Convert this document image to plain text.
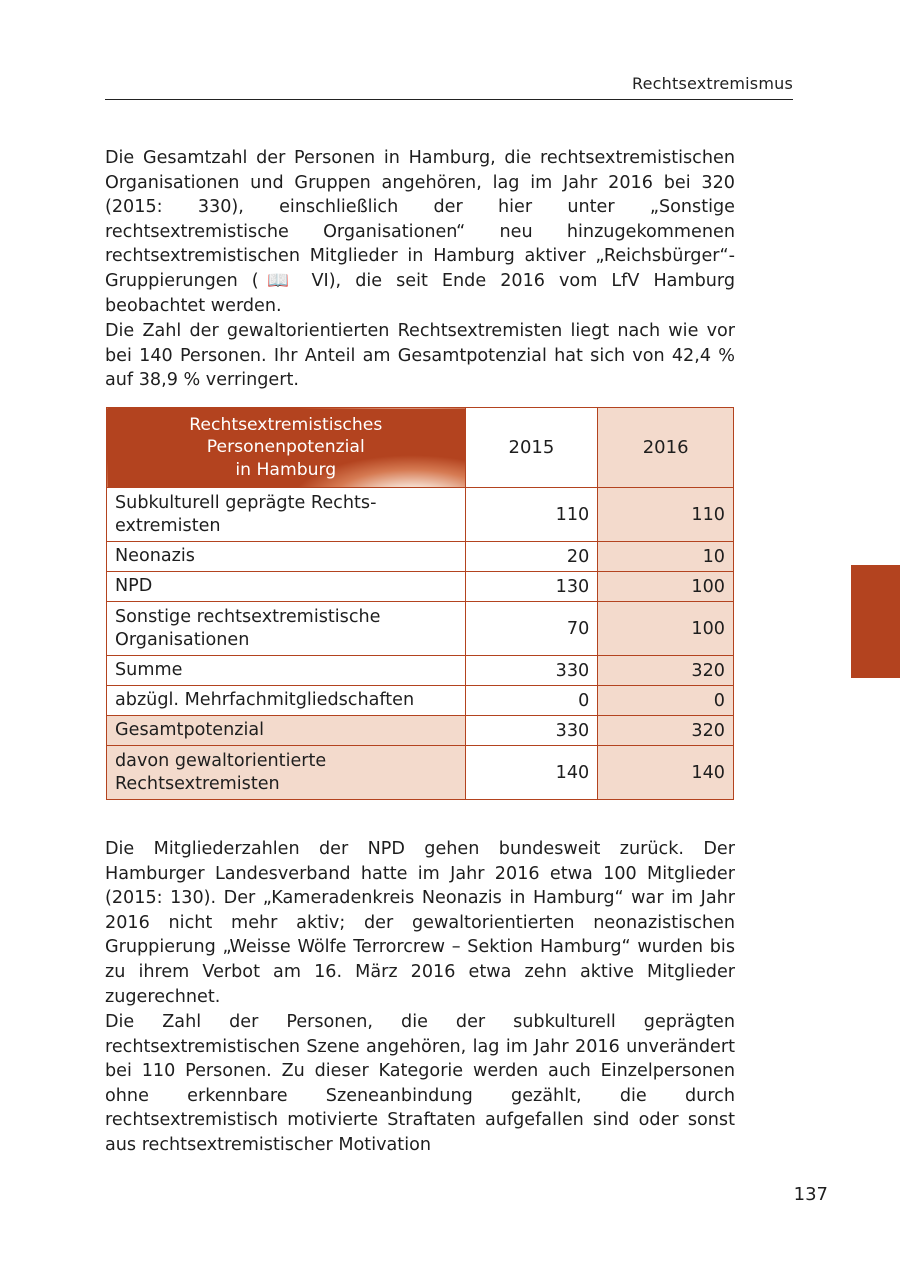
Rechtsextremismus

Die Gesamtzahl der Personen in Hamburg, die rechtsextremistischen Organisationen und Gruppen angehören, lag im Jahr 2016 bei 320 (2015: 330), einschließlich der hier unter „Sonstige rechtsextremistische Organisationen“ neu hinzugekommenen rechtsextremistischen Mitglieder in Hamburg aktiver „Reichsbürger“-Gruppierungen (📖 VI), die seit Ende 2016 vom LfV Hamburg beobachtet werden.

Die Zahl der gewaltorientierten Rechtsextremisten liegt nach wie vor bei 140 Personen. Ihr Anteil am Gesamtpotenzial hat sich von 42,4 % auf 38,9 % verringert.

Rechtsextremistisches
Personenpotenzial
in Hamburg	2015	2016

Subkulturell geprägte Rechts-
extremisten	110	110
Neonazis	20	10
NPD	130	100

Sonstige rechtsextremistische
Organisationen	70	100
Summe	330	320
abzügl. Mehrfachmitgliedschaften	0	0
Gesamtpotenzial	330	320

davon gewaltorientierte
Rechtsextremisten	140	140

Die Mitgliederzahlen der NPD gehen bundesweit zurück. Der Hamburger Landesverband hatte im Jahr 2016 etwa 100 Mitglieder (2015: 130). Der „Kameradenkreis Neonazis in Hamburg“ war im Jahr 2016 nicht mehr aktiv; der gewaltorientierten neonazistischen Gruppierung „Weisse Wölfe Terrorcrew – Sektion Hamburg“ wurden bis zu ihrem Verbot am 16. März 2016 etwa zehn aktive Mitglieder zugerechnet.

Die Zahl der Personen, die der subkulturell geprägten rechtsextremistischen Szene angehören, lag im Jahr 2016 unverändert bei 110 Personen. Zu dieser Kategorie werden auch Einzelpersonen ohne erkennbare Szeneanbindung gezählt, die durch rechtsextremistisch motivierte Straftaten aufgefallen sind oder sonst aus rechtsextremistischer Motivation

137
